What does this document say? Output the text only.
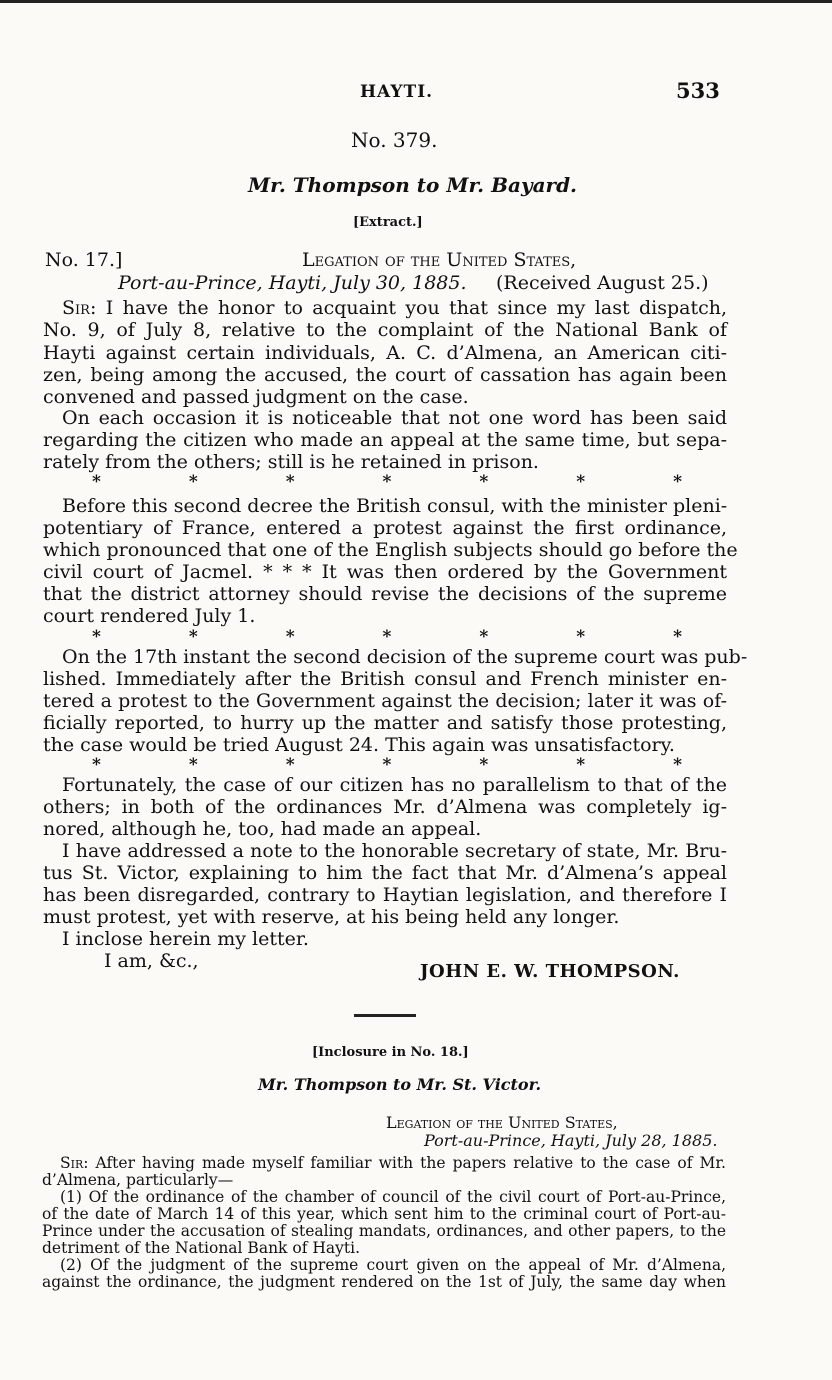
HAYTI.	533
No. 379.
Mr. Thompson to Mr. Bayard.
[Extract.]
No. 17.]	Legation of the United States,
Port-au-Prince, Hayti, July 30, 1885. (Received August 25.)
Sir: I have the honor to acquaint you that since my last dispatch,
No. 9, of July 8, relative to the complaint of the National Bank of
Hayti against certain individuals, A. C. d’Almena, an American citi-
zen, being among the accused, the court of cassation has again been
convened and passed judgment on the case.
On each occasion it is noticeable that not one word has been said
regarding the citizen who made an appeal at the same time, but sepa-
rately from the others; still is he retained in prison.
*	*	*	*	*	*	*
Before this second decree the British consul, with the minister pleni-
potentiary of France, entered a protest against the first ordinance,
which pronounced that one of the English subjects should go before the
civil court of Jacmel. * * * It was then ordered by the Government
that the district attorney should revise the decisions of the supreme
court rendered July 1.
*	*	*	*	*	*	*
On the 17th instant the second decision of the supreme court was pub-
lished. Immediately after the British consul and French minister en-
tered a protest to the Government against the decision; later it was of-
ficially reported, to hurry up the matter and satisfy those protesting,
the case would be tried August 24. This again was unsatisfactory.
*	*	*	*	*	*	*
Fortunately, the case of our citizen has no parallelism to that of the
others; in both of the ordinances Mr. d’Almena was completely ig-
nored, although he, too, had made an appeal.
I have addressed a note to the honorable secretary of state, Mr. Bru-
tus St. Victor, explaining to him the fact that Mr. d’Almena’s appeal
has been disregarded, contrary to Haytian legislation, and therefore I
must protest, yet with reserve, at his being held any longer.
I inclose herein my letter.
I am, &c.,	JOHN E. W. THOMPSON.
[Inclosure in No. 18.]
Mr. Thompson to Mr. St. Victor.
Legation of the United States,
Port-au-Prince, Hayti, July 28, 1885.
Sir: After having made myself familiar with the papers relative to the case of Mr.
d’Almena, particularly—
(1) Of the ordinance of the chamber of council of the civil court of Port-au-Prince,
of the date of March 14 of this year, which sent him to the criminal court of Port-au-
Prince under the accusation of stealing mandats, ordinances, and other papers, to the
detriment of the National Bank of Hayti.
(2) Of the judgment of the supreme court given on the appeal of Mr. d’Almena,
against the ordinance, the judgment rendered on the 1st of July, the same day when
